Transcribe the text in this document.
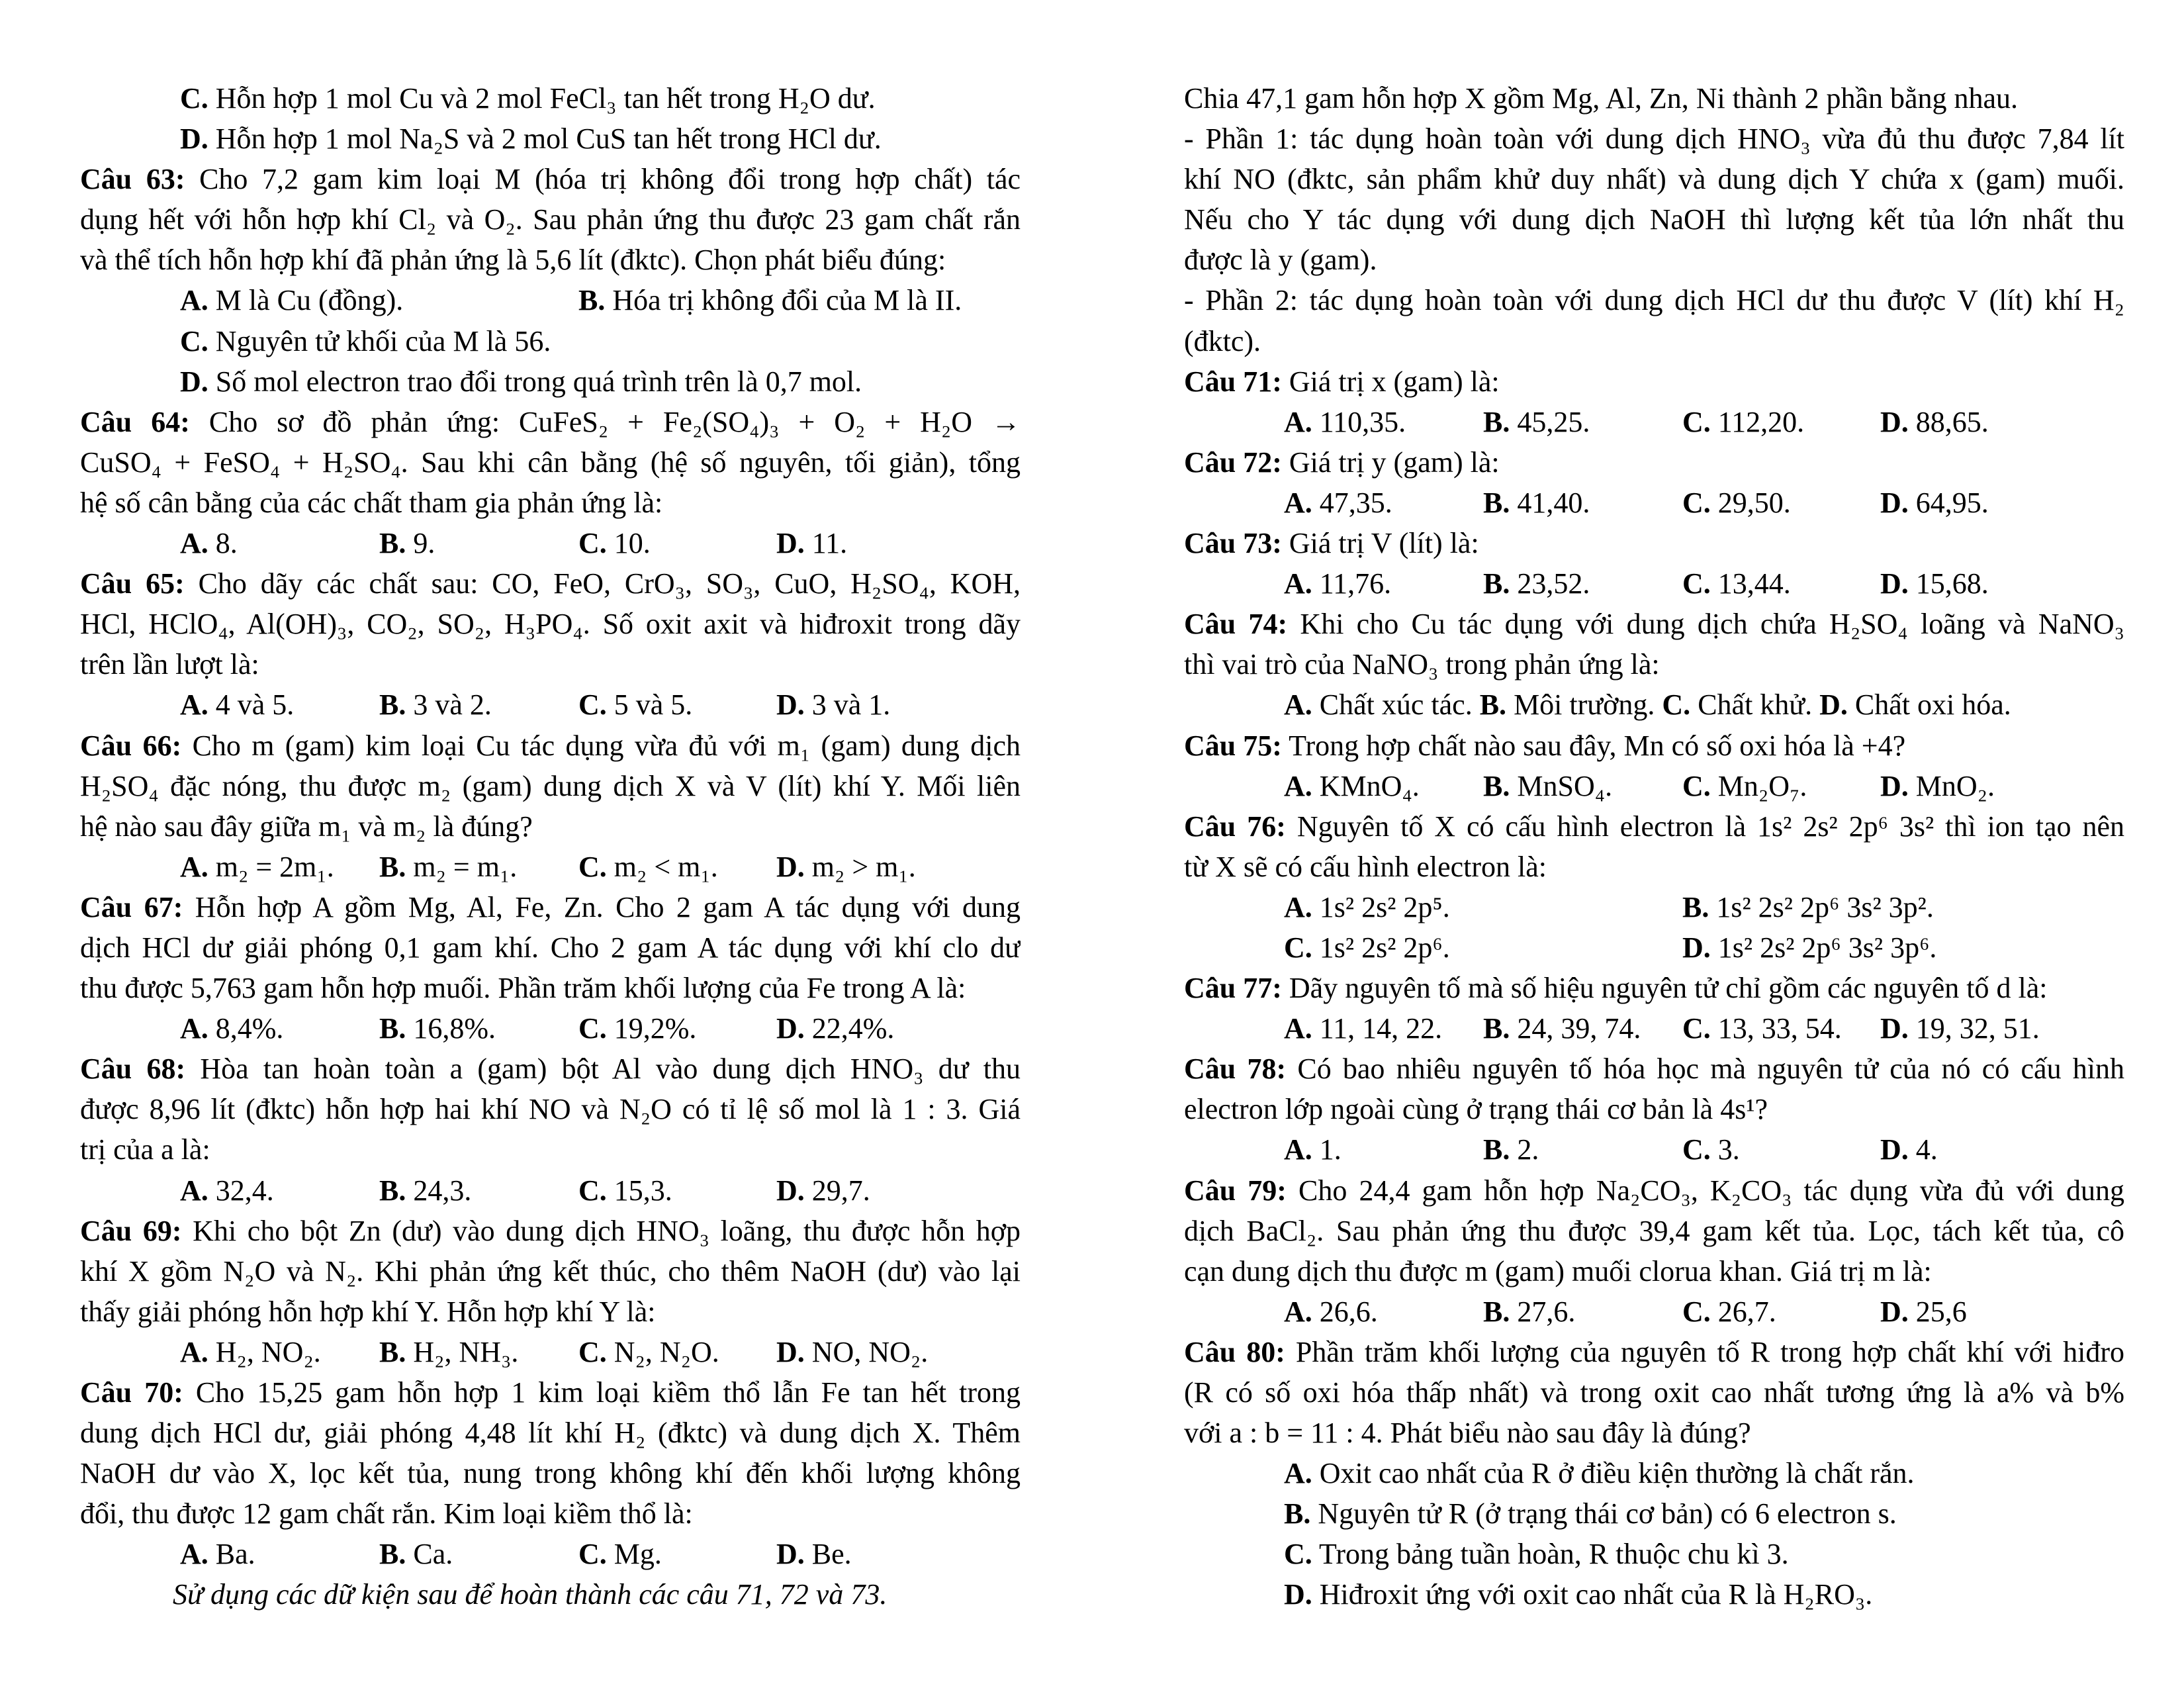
C. Hỗn hợp 1 mol Cu và 2 mol FeCl₃ tan hết trong H₂O dư.
D. Hỗn hợp 1 mol Na₂S và 2 mol CuS tan hết trong HCl dư.
Câu 63: Cho 7,2 gam kim loại M (hóa trị không đổi trong hợp chất) tác
dụng hết với hỗn hợp khí Cl₂ và O₂. Sau phản ứng thu được 23 gam chất rắn
và thể tích hỗn hợp khí đã phản ứng là 5,6 lít (đktc). Chọn phát biểu đúng:
A. M là Cu (đồng).	B. Hóa trị không đổi của M là II.
C. Nguyên tử khối của M là 56.
D. Số mol electron trao đổi trong quá trình trên là 0,7 mol.
Câu 64: Cho sơ đồ phản ứng: CuFeS₂ + Fe₂(SO₄)₃ + O₂ + H₂O →
CuSO₄ + FeSO₄ + H₂SO₄. Sau khi cân bằng (hệ số nguyên, tối giản), tổng
hệ số cân bằng của các chất tham gia phản ứng là:
A. 8.	B. 9.	C. 10.	D. 11.
Câu 65: Cho dãy các chất sau: CO, FeO, CrO₃, SO₃, CuO, H₂SO₄, KOH,
HCl, HClO₄, Al(OH)₃, CO₂, SO₂, H₃PO₄. Số oxit axit và hiđroxit trong dãy
trên lần lượt là:
A. 4 và 5.	B. 3 và 2.	C. 5 và 5.	D. 3 và 1.
Câu 66: Cho m (gam) kim loại Cu tác dụng vừa đủ với m₁ (gam) dung dịch
H₂SO₄ đặc nóng, thu được m₂ (gam) dung dịch X và V (lít) khí Y. Mối liên
hệ nào sau đây giữa m₁ và m₂ là đúng?
A. m₂ = 2m₁. B. m₂ = m₁. C. m₂ < m₁. D. m₂ > m₁.
Câu 67: Hỗn hợp A gồm Mg, Al, Fe, Zn. Cho 2 gam A tác dụng với dung
dịch HCl dư giải phóng 0,1 gam khí. Cho 2 gam A tác dụng với khí clo dư
thu được 5,763 gam hỗn hợp muối. Phần trăm khối lượng của Fe trong A là:
A. 8,4%.	B. 16,8%.	C. 19,2%.	D. 22,4%.
Câu 68: Hòa tan hoàn toàn a (gam) bột Al vào dung dịch HNO₃ dư thu
được 8,96 lít (đktc) hỗn hợp hai khí NO và N₂O có tỉ lệ số mol là 1 : 3. Giá
trị của a là:
A. 32,4.	B. 24,3.	C. 15,3.	D. 29,7.
Câu 69: Khi cho bột Zn (dư) vào dung dịch HNO₃ loãng, thu được hỗn hợp
khí X gồm N₂O và N₂. Khi phản ứng kết thúc, cho thêm NaOH (dư) vào lại
thấy giải phóng hỗn hợp khí Y. Hỗn hợp khí Y là:
A. H₂, NO₂. B. H₂, NH₃. C. N₂, N₂O. D. NO, NO₂.
Câu 70: Cho 15,25 gam hỗn hợp 1 kim loại kiềm thổ lẫn Fe tan hết trong
dung dịch HCl dư, giải phóng 4,48 lít khí H₂ (đktc) và dung dịch X. Thêm
NaOH dư vào X, lọc kết tủa, nung trong không khí đến khối lượng không
đổi, thu được 12 gam chất rắn. Kim loại kiềm thổ là:
A. Ba.	B. Ca.	C. Mg.	D. Be.
Sử dụng các dữ kiện sau để hoàn thành các câu 71, 72 và 73.
Chia 47,1 gam hỗn hợp X gồm Mg, Al, Zn, Ni thành 2 phần bằng nhau.
- Phần 1: tác dụng hoàn toàn với dung dịch HNO₃ vừa đủ thu được 7,84 lít
khí NO (đktc, sản phẩm khử duy nhất) và dung dịch Y chứa x (gam) muối.
Nếu cho Y tác dụng với dung dịch NaOH thì lượng kết tủa lớn nhất thu
được là y (gam).
- Phần 2: tác dụng hoàn toàn với dung dịch HCl dư thu được V (lít) khí H₂
(đktc).
Câu 71: Giá trị x (gam) là:
A. 110,35.	B. 45,25.	C. 112,20.	D. 88,65.
Câu 72: Giá trị y (gam) là:
A. 47,35.	B. 41,40.	C. 29,50.	D. 64,95.
Câu 73: Giá trị V (lít) là:
A. 11,76.	B. 23,52.	C. 13,44.	D. 15,68.
Câu 74: Khi cho Cu tác dụng với dung dịch chứa H₂SO₄ loãng và NaNO₃
thì vai trò của NaNO₃ trong phản ứng là:
A. Chất xúc tác. B. Môi trường. C. Chất khử. D. Chất oxi hóa.
Câu 75: Trong hợp chất nào sau đây, Mn có số oxi hóa là +4?
A. KMnO₄. B. MnSO₄. C. Mn₂O₇.	D. MnO₂.
Câu 76: Nguyên tố X có cấu hình electron là 1s² 2s² 2p⁶ 3s² thì ion tạo nên
từ X sẽ có cấu hình electron là:
A. 1s² 2s² 2p⁵.	B. 1s² 2s² 2p⁶ 3s² 3p².
C. 1s² 2s² 2p⁶.	D. 1s² 2s² 2p⁶ 3s² 3p⁶.
Câu 77: Dãy nguyên tố mà số hiệu nguyên tử chỉ gồm các nguyên tố d là:
A. 11, 14, 22. B. 24, 39, 74. C. 13, 33, 54. D. 19, 32, 51.
Câu 78: Có bao nhiêu nguyên tố hóa học mà nguyên tử của nó có cấu hình
electron lớp ngoài cùng ở trạng thái cơ bản là 4s¹?
A. 1.	B. 2.	C. 3.	D. 4.
Câu 79: Cho 24,4 gam hỗn hợp Na₂CO₃, K₂CO₃ tác dụng vừa đủ với dung
dịch BaCl₂. Sau phản ứng thu được 39,4 gam kết tủa. Lọc, tách kết tủa, cô
cạn dung dịch thu được m (gam) muối clorua khan. Giá trị m là:
A. 26,6.	B. 27,6.	C. 26,7.	D. 25,6
Câu 80: Phần trăm khối lượng của nguyên tố R trong hợp chất khí với hiđro
(R có số oxi hóa thấp nhất) và trong oxit cao nhất tương ứng là a% và b%
với a : b = 11 : 4. Phát biểu nào sau đây là đúng?
A. Oxit cao nhất của R ở điều kiện thường là chất rắn.
B. Nguyên tử R (ở trạng thái cơ bản) có 6 electron s.
C. Trong bảng tuần hoàn, R thuộc chu kì 3.
D. Hiđroxit ứng với oxit cao nhất của R là H₂RO₃.
